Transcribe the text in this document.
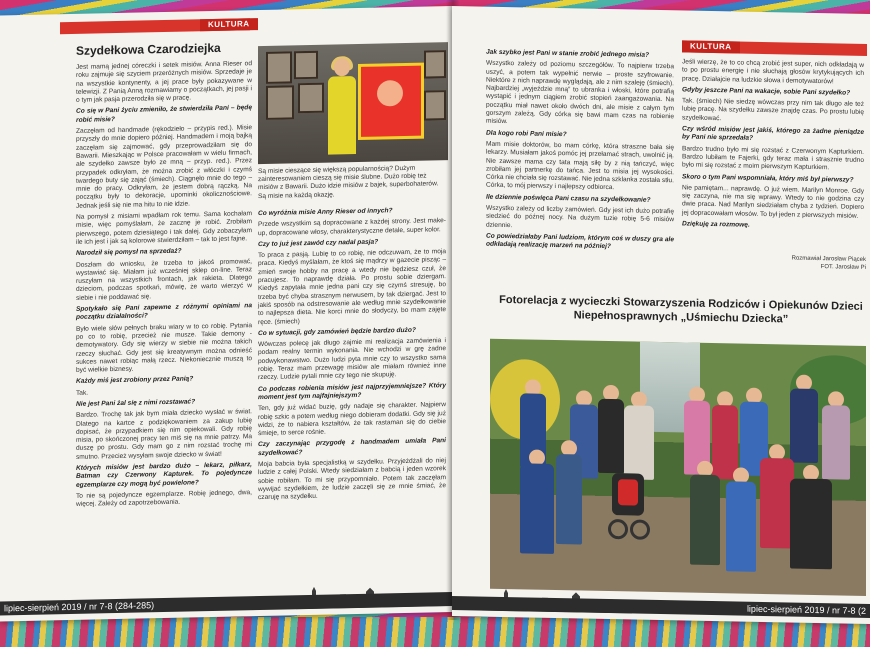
KULTURA
Szydełkowa Czarodziejka

Jest mamą jednej córeczki i setek misiów. Anna Rieser od roku zajmuje się szyciem przeróżnych misiów. Sprzedaje je na wszystkie kontynenty, a jej prace były pokazywane w telewizji. Z Panią Anną rozmawiamy o początkach, jej pasji i o tym jak pasja przerodziła się w pracę.

Co się w Pani życiu zmieniło, że stwierdziła Pani – będę robić misie?

Zaczęłam od handmade (rękodzieło – przypis red.). Misie przyszły do mnie dopiero później. Handmadem i moją bajką zaczęłam się zajmować, gdy przeprowadziłam się do Bawarii. Mieszkając w Polsce pracowałam w wielu firmach, ale szydełko zawsze było ze mną – przyp. red.). Przez przypadek odkryłam, że można zrobić z włóczki i czymś twardego buty się zająć (śmiech). Ciągnęło mnie do tego – mnie do pracy. Odkryłam, że jestem dobrą rączką. Na początku były to dekoracje, upominki okolicznościowe. Jednak jeśli się nie ma hitu to nie idzie.

Na pomysł z misiami wpadłam rok temu. Sama kochałam misie, więc pomyślałam, że zacznę je robić. Zrobiłam pierwszego, potem dziesiątego i tak dalej. Gdy zobaczyłam ile ich jest i jak są kolorowe stwierdziłam – tak to jest fajne.

Narodził się pomysł na sprzedaż?

Doszłam do wniosku, że trzeba to jakoś promować, wystawiać się. Miałam już wcześniej sklep on-line. Teraz ruszyłam na wszystkich frontach, jak rakieta. Dlatego dzieciom, podczas spotkań, mówię, że warto wierzyć w siebie i nie poddawać się.

Spotykało się Pani zapewne z różnymi opiniami na początku działalności?

Było wiele słów pełnych braku wiary w to co robię. Pytania po co to robię, przecież nie musze. Takie demony - demotywatory. Gdy się wierzy w siebie nie można takich rzeczy słuchać. Gdy jest się kreatywnym można odnieść sukces nawet robiąc małą rzecz. Niekoniecznie muszą to być wielkie biznesy.

Każdy miś jest zrobiony przez Panią?

Tak.

Nie jest Pani żal się z nimi rozstawać?

Bardzo. Trochę tak jak bym miała dziecko wysłać w świat. Dlatego na kartce z podziękowaniem za zakup lubię dopisać, że przypadkiem się nim opiekowali. Gdy robię misia, po skończonej pracy ten miś się na mnie patrzy. Ma duszę po prostu. Gdy mam go z nim rozstać trochę mi smutno. Przecież wysyłam swoje dziecko w świat!

Których misiów jest bardzo dużo – lekarz, piłkarz, Batman czy Czerwony Kapturek. To pojedyncze egzemplarze czy mogą być powielone?

To nie są pojedyncze egzemplarze. Robię jednego, dwa, więcej. Zależy od zapotrzebowania.

Są misie cieszące się większą popularnością? Dużym zainteresowaniem cieszą się misie ślubne. Dużo robię też misiów z Bawarii. Dużo idzie misiów z bajek, superbohaterów. Są misie na każdą okazję.

Co wyróżnia misie Anny Rieser od innych?

Przede wszystkim są dopracowane z każdej strony. Jest make-up, dopracowane włosy, charakterystyczne detale, super kolor.

Czy to już jest zawód czy nadal pasja?

To praca z pasją. Lubię to co robię, nie odczuwam, że to moja praca. Kiedyś myślałam, że ktoś się mądrzy w gazecie pisząc – zmień swoje hobby na pracę a wtedy nie będziesz czuł, że pracujesz. To naprawdę działa. Po prostu sobie dziergam. Kiedyś zapytała mnie jedna pani czy się czymś stresuję, bo trzeba być chyba strasznym nerwusem, by tak dziergać. Jest to jakiś sposób na odstresowanie ale według mnie szydełkowanie to najlepsza dieta. Nie korci mnie do słodyczy, bo mam zajęte ręce. (śmiech)

Co w sytuacji, gdy zamówień będzie bardzo dużo?

Wówczas polecę jak długo zajmie mi realizacja zamówienia i podam realny termin wykonania. Nie wchodzi w grę żadne podwykonawstwo. Dużo ludzi pyta mnie czy to wszystko sama robię. Teraz mam przewagę misiów ale miałam również inne rzeczy. Ludzie pytali mnie czy tego nie skupuję.

Co podczas robienia misiów jest najprzyjemniejsze? Który moment jest tym najfajniejszym?

Ten, gdy już widać buzię, gdy nadaje się charakter. Najpierw robię szkic a potem według niego dobieram dodatki. Gdy się już widzi, że to nabiera kształtów, że tak rastaman się do ciebie śmieje, to serce rośnie.

Czy zaczynając przygodę z handmadem umiała Pani szydełkować?

Moja babcia była specjalistką w szydełku. Przyjeżdżali do niej ludzie z całej Polski. Wtedy siedziałam z babcią i jeden wzorek sobie robiłam. To mi się przypomniało. Potem tak zaczęłam wywijać szydełkiem, że ludzie zaczęli się ze mnie śmiać, że czaruję na szydełku.

lipiec-sierpień 2019 / nr 7-8 (284-285)
KULTURA

Jak szybko jest Pani w stanie zrobić jednego misia?

Wszystko zależy od poziomu szczegółów. To najpierw trzeba uszyć, a potem tak wypełnić nerwie – proste szyfrowanie. Niektóre z nich naprawdę wyglądają, ale z nim szaleję (śmiech). Najbardziej „wyjeździe mną” to ubranka i włoski, które potrafią wystąpić i jednym ciągiem zrobić stopień zaangażowania. Na początku miał nawet około dwóch dni, ale misie z całym tym gorszym zależą. Gdy córka się bawi mam czas na robienie misiów.

Dla kogo robi Pani misie?

Mam misie doktorów, bo mam córkę, która straszne bała się lekarzy. Musiałam jakoś pomóc jej przełamać strach, uwolnić ją. Nie zawsze mama czy tata mają siłę by z nią tańczyć, więc zrobiłam jej partnerkę do tańca. Jest to misia jej wysokości. Córka nie chciała się rozstawać. Nie jedna szklanka została stłu. Córka, to mój pierwszy i najlepszy odbiorca.

Ile dziennie poświęca Pani czasu na szydełkowanie?

Wszystko zależy od liczby zamówień. Gdy jest ich dużo potrafię siedzieć do późnej nocy. Na dużym tuzie robię 5-6 misiów dziennie.

Co powiedziałaby Pani ludziom, którym coś w duszy gra ale odkładają realizację marzeń na później?

Jeśli wierzę, że to co chcą zrobić jest super, nich odkładają w to po prostu energię i nie słuchają głosów krytykujących ich pracę. Działajcie na ludzkie słowa i demotywatorów!

Gdyby jeszcze Pani na wakacje, sobie Pani szydełko?

Tak. (śmiech) Nie siedzę wówczas przy nim tak długo ale też lubię pracę. Na szydełku zawsze znajdę czas. Po prostu lubię szydełkować.

Czy wśród misiów jest jakiś, którego za żadne pieniądze by Pani nie sprzedała?

Bardzo trudno było mi się rozstać z Czerwonym Kapturkiem. Bardzo lubiłam te Fajerki, gdy teraz mała i strasznie trudno było mi się rozstać z moim pierwszym Kapturkiem.

Skoro o tym Pani wspomniała, który miś był pierwszy?

Nie pamiętam... naprawdę. O już wiem. Marilyn Monroe. Gdy się zaczyna, nie ma się wprawy. Wtedy to nie godzina czy dwie praca. Nad Marilyn siedziałam chyba z tydzień. Dopiero jej dopracowałam włosów. To był jeden z pierwszych misiów.

Dziękuję za rozmowę.

Rozmawiał Jarosław Piącek
FOT. Jarosław Pi
Fotorelacja z wycieczki Stowarzyszenia Rodziców i Opiekunów Dzieci
Niepełnosprawnych „Uśmiechu Dziecka”
lipiec-sierpień 2019 / nr 7-8 (2
